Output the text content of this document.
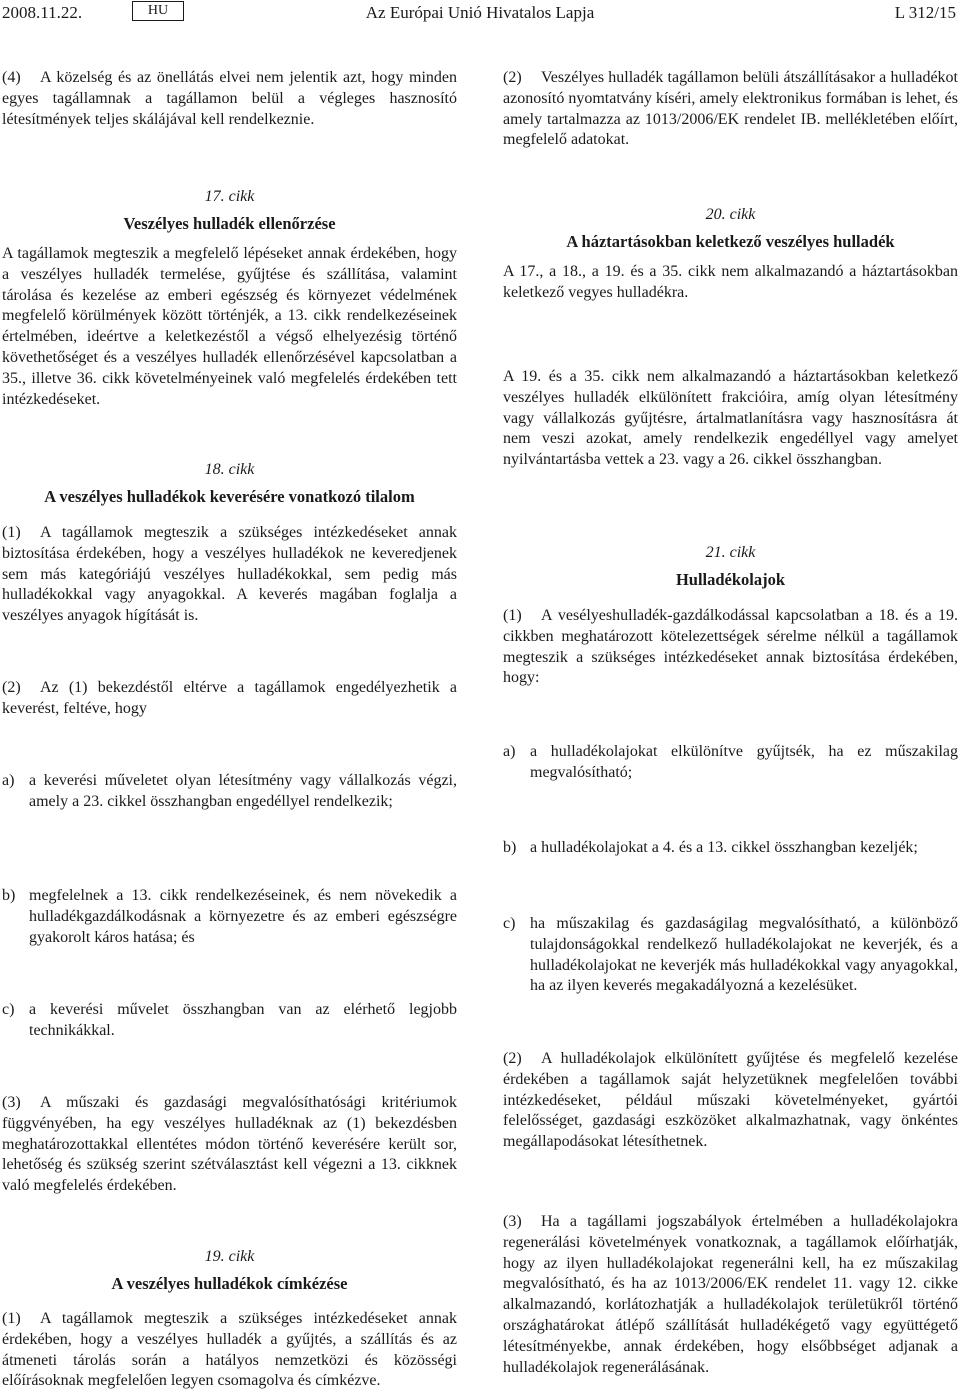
2008.11.22.	HU	Az Európai Unió Hivatalos Lapja	L 312/15

(4) A közelség és az önellátás elvei nem jelentik azt, hogy minden egyes tagállamnak a tagállamon belül a végleges hasznosító létesítmények teljes skálájával kell rendelkeznie.

17. cikk

Veszélyes hulladék ellenőrzése

A tagállamok megteszik a megfelelő lépéseket annak érdekében, hogy a veszélyes hulladék termelése, gyűjtése és szállítása, valamint tárolása és kezelése az emberi egészség és környezet védelmének megfelelő körülmények között történjék, a 13. cikk rendelkezéseinek értelmében, ideértve a keletkezéstől a végső elhelyezésig történő követhetőséget és a veszélyes hulladék ellenőrzésével kapcsolatban a 35., illetve 36. cikk követelményeinek való megfelelés érdekében tett intézkedéseket.

18. cikk

A veszélyes hulladékok keverésére vonatkozó tilalom

(1) A tagállamok megteszik a szükséges intézkedéseket annak biztosítása érdekében, hogy a veszélyes hulladékok ne keveredjenek sem más kategóriájú veszélyes hulladékokkal, sem pedig más hulladékokkal vagy anyagokkal. A keverés magában foglalja a veszélyes anyagok hígítását is.

(2) Az (1) bekezdéstől eltérve a tagállamok engedélyezhetik a keverést, feltéve, hogy

a) a keverési műveletet olyan létesítmény vagy vállalkozás végzi, amely a 23. cikkel összhangban engedéllyel rendelkezik;
b) megfelelnek a 13. cikk rendelkezéseinek, és nem növekedik a hulladékgazdálkodásnak a környezetre és az emberi egészségre gyakorolt káros hatása; és
c) a keverési művelet összhangban van az elérhető legjobb technikákkal.

(3) A műszaki és gazdasági megvalósíthatósági kritériumok függvényében, ha egy veszélyes hulladéknak az (1) bekezdésben meghatározottakkal ellentétes módon történő keverésére került sor, lehetőség és szükség szerint szétválasztást kell végezni a 13. cikknek való megfelelés érdekében.

19. cikk

A veszélyes hulladékok címkézése

(1) A tagállamok megteszik a szükséges intézkedéseket annak érdekében, hogy a veszélyes hulladék a gyűjtés, a szállítás és az átmeneti tárolás során a hatályos nemzetközi és közösségi előírásoknak megfelelően legyen csomagolva és címkézve.

(2) Veszélyes hulladék tagállamon belüli átszállításakor a hulladékot azonosító nyomtatvány kíséri, amely elektronikus formában is lehet, és amely tartalmazza az 1013/2006/EK rendelet IB. mellékletében előírt, megfelelő adatokat.

20. cikk

A háztartásokban keletkező veszélyes hulladék

A 17., a 18., a 19. és a 35. cikk nem alkalmazandó a háztartásokban keletkező vegyes hulladékra.

A 19. és a 35. cikk nem alkalmazandó a háztartásokban keletkező veszélyes hulladék elkülönített frakcióira, amíg olyan létesítmény vagy vállalkozás gyűjtésre, ártalmatlanításra vagy hasznosításra át nem veszi azokat, amely rendelkezik engedéllyel vagy amelyet nyilvántartásba vettek a 23. vagy a 26. cikkel összhangban.

21. cikk

Hulladékolajok

(1) A vesélyeshulladék-gazdálkodással kapcsolatban a 18. és a 19. cikkben meghatározott kötelezettségek sérelme nélkül a tagállamok megteszik a szükséges intézkedéseket annak biztosítása érdekében, hogy:

a) a hulladékolajokat elkülönítve gyűjtsék, ha ez műszakilag megvalósítható;
b) a hulladékolajokat a 4. és a 13. cikkel összhangban kezeljék;
c) ha műszakilag és gazdaságilag megvalósítható, a különböző tulajdonságokkal rendelkező hulladékolajokat ne keverjék, és a hulladékolajokat ne keverjék más hulladékokkal vagy anyagokkal, ha az ilyen keverés megakadályozná a kezelésüket.

(2) A hulladékolajok elkülönített gyűjtése és megfelelő kezelése érdekében a tagállamok saját helyzetüknek megfelelően további intézkedéseket, például műszaki követelményeket, gyártói felelősséget, gazdasági eszközöket alkalmazhatnak, vagy önkéntes megállapodásokat létesíthetnek.

(3) Ha a tagállami jogszabályok értelmében a hulladékolajokra regenerálási követelmények vonatkoznak, a tagállamok előírhatják, hogy az ilyen hulladékolajokat regenerálni kell, ha ez műszakilag megvalósítható, és ha az 1013/2006/EK rendelet 11. vagy 12. cikke alkalmazandó, korlátozhatják a hulladékolajok területükről történő országhatárokat átlépő szállítását hulladékégető vagy együttégető létesítményekbe, annak érdekében, hogy elsőbbséget adjanak a hulladékolajok regenerálásának.
